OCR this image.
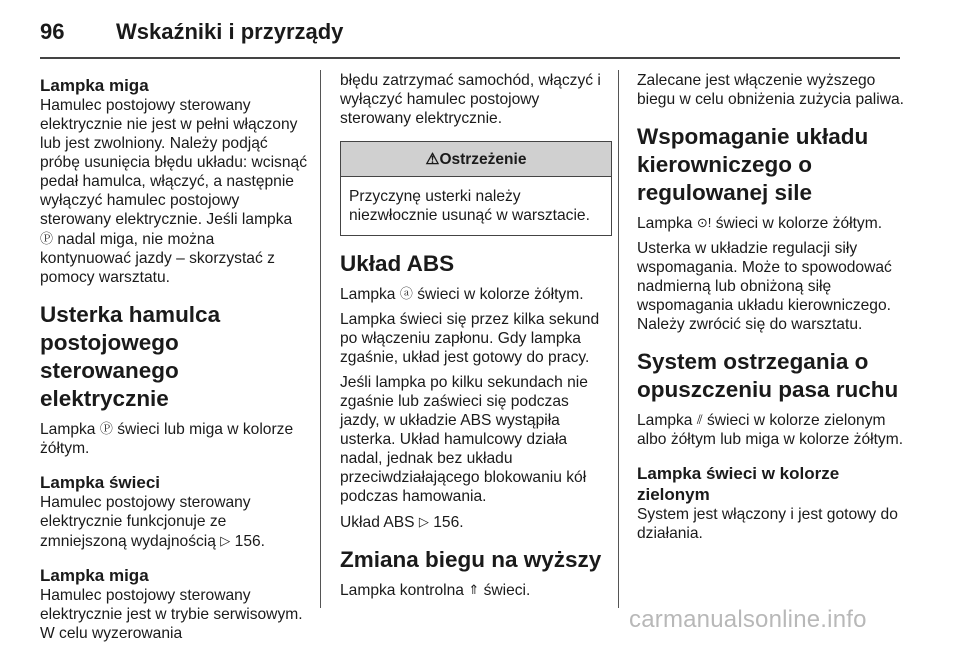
96	Wskaźniki i przyrządy
Lampka miga

Hamulec postojowy sterowany elektrycznie nie jest w pełni włączony lub jest zwolniony. Należy podjąć próbę usunięcia błędu układu: wcisnąć pedał hamulca, włączyć, a następnie wyłączyć hamulec postojowy sterowany elektrycznie. Jeśli lampka Ⓟ nadal miga, nie można kontynuować jazdy – skorzystać z pomocy warsztatu.

Usterka hamulca postojowego sterowanego elektrycznie

Lampka Ⓟ świeci lub miga w kolorze żółtym.

Lampka świeci

Hamulec postojowy sterowany elektrycznie funkcjonuje ze zmniejszoną wydajnością ▷ 156.

Lampka miga

Hamulec postojowy sterowany elektrycznie jest w trybie serwisowym. W celu wyzerowania

błędu zatrzymać samochód, włączyć i wyłączyć hamulec postojowy sterowany elektrycznie.

⚠ Ostrzeżenie
Przyczynę usterki należy niezwłocznie usunąć w warsztacie.
Układ ABS

Lampka ⓐ świeci w kolorze żółtym.

Lampka świeci się przez kilka sekund po włączeniu zapłonu. Gdy lampka zgaśnie, układ jest gotowy do pracy.

Jeśli lampka po kilku sekundach nie zgaśnie lub zaświeci się podczas jazdy, w układzie ABS wystąpiła usterka. Układ hamulcowy działa nadal, jednak bez układu przeciwdziałającego blokowaniu kół podczas hamowania.

Układ ABS ▷ 156.

Zmiana biegu na wyższy

Lampka kontrolna ⇑ świeci.

Zalecane jest włączenie wyższego biegu w celu obniżenia zużycia paliwa.

Wspomaganie układu kierowniczego o regulowanej sile

Lampka ⊙! świeci w kolorze żółtym.

Usterka w układzie regulacji siły wspomagania. Może to spowodować nadmierną lub obniżoną siłę wspomagania układu kierowniczego. Należy zwrócić się do warsztatu.

System ostrzegania o opuszczeniu pasa ruchu

Lampka ⫽ świeci w kolorze zielonym albo żółtym lub miga w kolorze żółtym.

Lampka świeci w kolorze zielonym

System jest włączony i jest gotowy do działania.

carmanualsonline.info
